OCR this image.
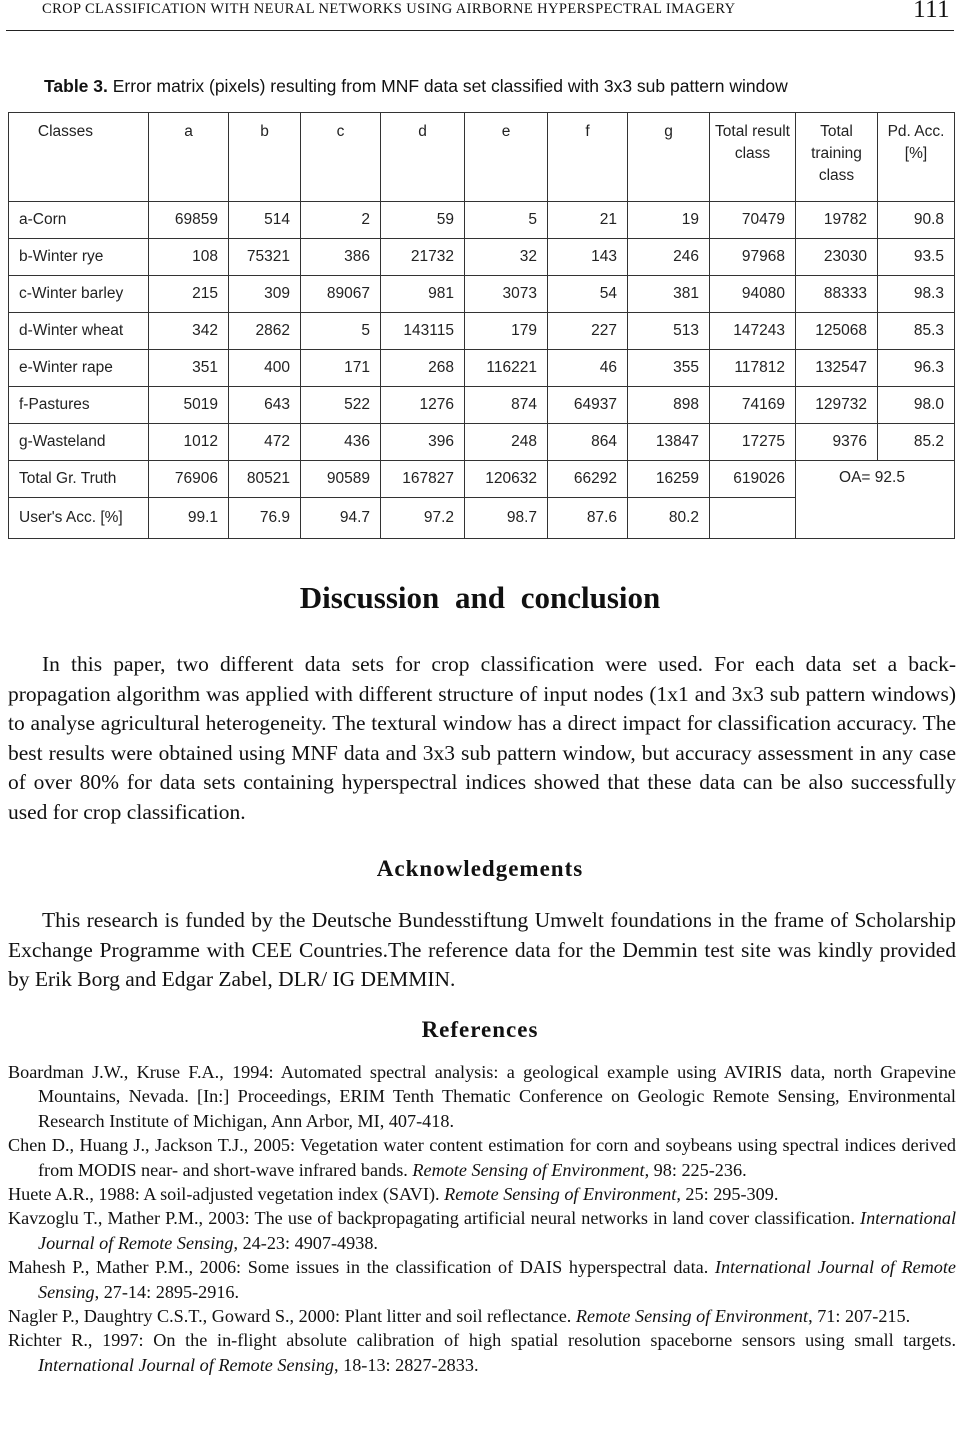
CROP CLASSIFICATION WITH NEURAL NETWORKS USING AIRBORNE HYPERSPECTRAL IMAGERY	111
Table 3. Error matrix (pixels) resulting from MNF data set classified with 3x3 sub pattern window
Classes	a	b	c	d	e	f	g	Total result class	Total training class	Pd. Acc. [%]
a-Corn	69859	514	2	59	5	21	19	70479	19782	90.8
b-Winter rye	108	75321	386	21732	32	143	246	97968	23030	93.5
c-Winter barley	215	309	89067	981	3073	54	381	94080	88333	98.3
d-Winter wheat	342	2862	5	143115	179	227	513	147243	125068	85.3
e-Winter rape	351	400	171	268	116221	46	355	117812	132547	96.3
f-Pastures	5019	643	522	1276	874	64937	898	74169	129732	98.0
g-Wasteland	1012	472	436	396	248	864	13847	17275	9376	85.2
Total Gr. Truth	76906	80521	90589	167827	120632	66292	16259	619026	OA= 92.5	
User's Acc. [%]	99.1	76.9	94.7	97.2	98.7	87.6	80.2			
Discussion and conclusion

In this paper, two different data sets for crop classification were used. For each data set a back-propagation algorithm was applied with different structure of input nodes (1x1 and 3x3 sub pattern windows) to analyse agricultural heterogeneity. The textural window has a direct impact for classification accuracy. The best results were obtained using MNF data and 3x3 sub pattern window, but accuracy assessment in any case of over 80% for data sets containing hyperspectral indices showed that these data can be also successfully used for crop classification.

Acknowledgements

This research is funded by the Deutsche Bundesstiftung Umwelt foundations in the frame of Scholarship Exchange Programme with CEE Countries.The reference data for the Demmin test site was kindly provided by Erik Borg and Edgar Zabel, DLR/ IG DEMMIN.

References

Boardman J.W., Kruse F.A., 1994: Automated spectral analysis: a geological example using AVIRIS data, north Grapevine Mountains, Nevada. [In:] Proceedings, ERIM Tenth Thematic Conference on Geologic Remote Sensing, Environmental Research Institute of Michigan, Ann Arbor, MI, 407-418.

Chen D., Huang J., Jackson T.J., 2005: Vegetation water content estimation for corn and soybeans using spectral indices derived from MODIS near- and short-wave infrared bands. Remote Sensing of Environment, 98: 225-236.

Huete A.R., 1988: A soil-adjusted vegetation index (SAVI). Remote Sensing of Environment, 25: 295-309.

Kavzoglu T., Mather P.M., 2003: The use of backpropagating artificial neural networks in land cover classification. International Journal of Remote Sensing, 24-23: 4907-4938.

Mahesh P., Mather P.M., 2006: Some issues in the classification of DAIS hyperspectral data. International Journal of Remote Sensing, 27-14: 2895-2916.

Nagler P., Daughtry C.S.T., Goward S., 2000: Plant litter and soil reflectance. Remote Sensing of Environment, 71: 207-215.

Richter R., 1997: On the in-flight absolute calibration of high spatial resolution spaceborne sensors using small targets. International Journal of Remote Sensing, 18-13: 2827-2833.
